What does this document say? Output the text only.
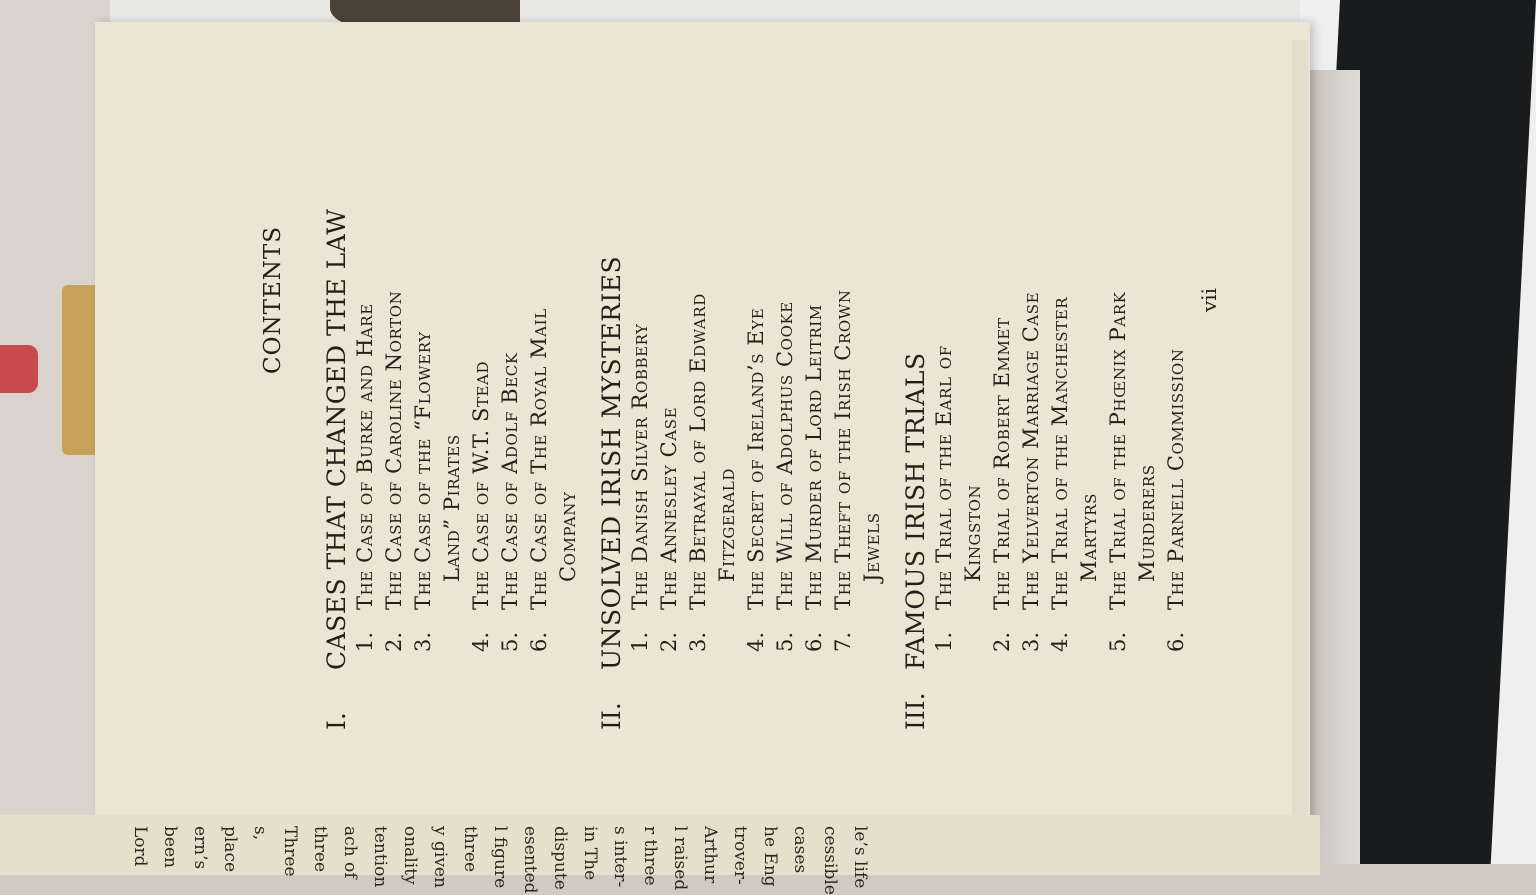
Lord been ern’s place s, Three three ach of tention onality y given three l figure esented dispute in The s inter- r three l raised Arthur trover- he Eng cases cessible le’s life
CONTENTS
I.
CASES THAT CHANGED THE LAW 1.
The Case of Burke and Hare
2.
The Case of Caroline Norton
3.
The Case of the “Flowery Land” Pirates
4.
The Case of W.T. Stead
5.
The Case of Adolf Beck
6.
The Case of The Royal Mail Company
II.
UNSOLVED IRISH MYSTERIES 1.
The Danish Silver Robbery
2.
The Annesley Case
3.
The Betrayal of Lord Edward Fitzgerald
4.
The Secret of Ireland’s Eye
5.
The Will of Adolphus Cooke
6.
The Murder of Lord Leitrim
7.
The Theft of the Irish Crown Jewels
III.
FAMOUS IRISH TRIALS 1.
The Trial of the Earl of Kingston
2.
The Trial of Robert Emmet
3.
The Yelverton Marriage Case
4.
The Trial of the Manchester Martyrs
5.
The Trial of the Phœnix Park Murderers
6.
The Parnell Commission
vii
